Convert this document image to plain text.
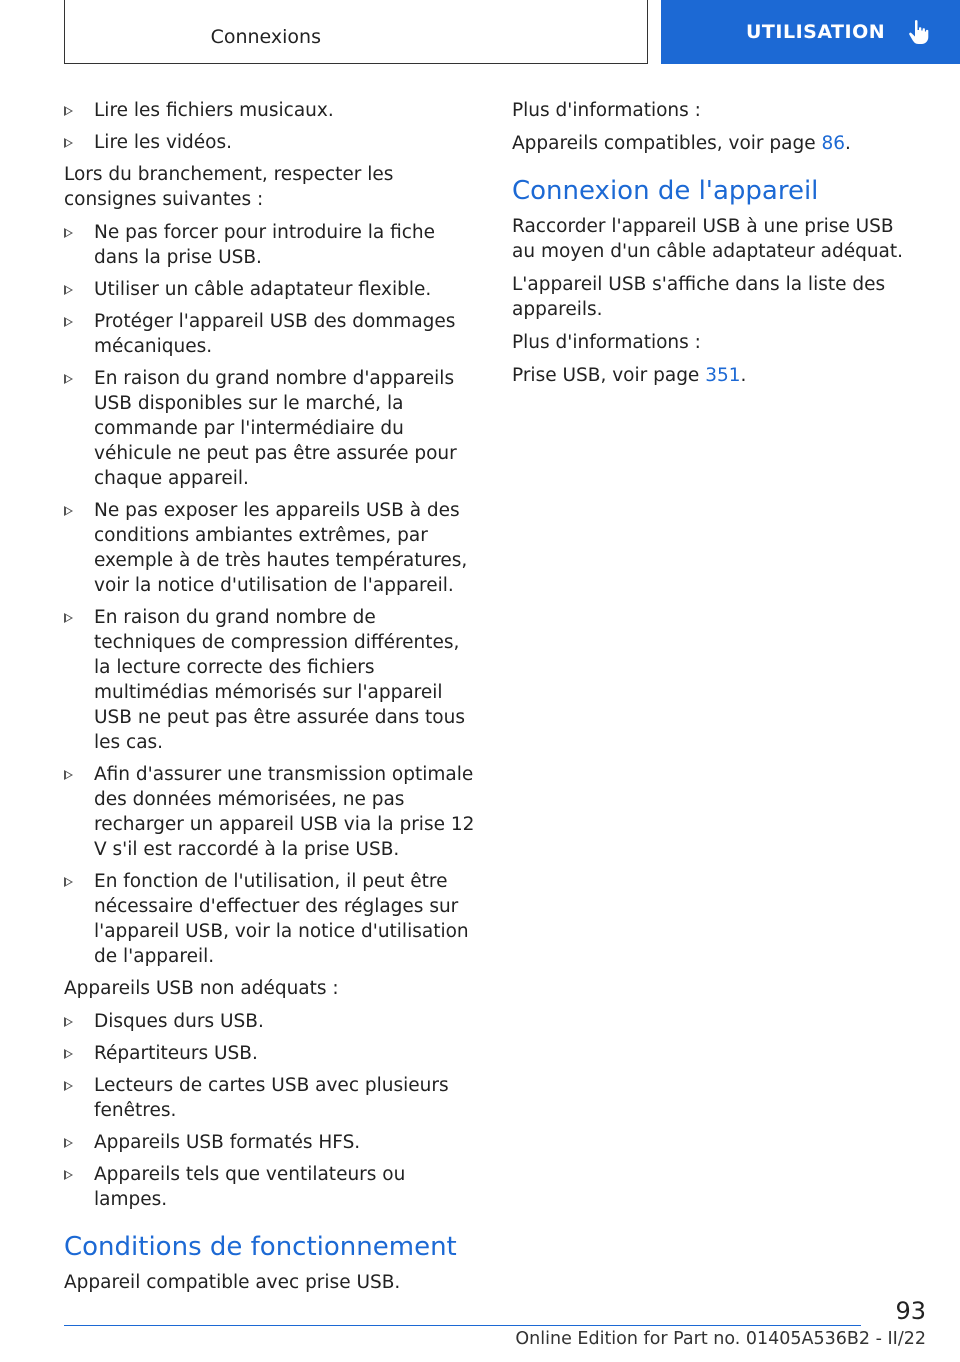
Connexions	UTILISATION
Lire les fichiers musicaux.
Lire les vidéos.

Lors du branchement, respecter les consignes suivantes :

Ne pas forcer pour introduire la fiche dans la prise USB.
Utiliser un câble adaptateur flexible.
Protéger l'appareil USB des dommages mécaniques.
En raison du grand nombre d'appareils USB disponibles sur le marché, la commande par l'intermédiaire du véhicule ne peut pas être assurée pour chaque appareil.
Ne pas exposer les appareils USB à des conditions ambiantes extrêmes, par exemple à de très hautes températures, voir la notice d'utilisation de l'appareil.
En raison du grand nombre de techniques de compression différentes, la lecture correcte des fichiers multimédias mémorisés sur l'appareil USB ne peut pas être assurée dans tous les cas.
Afin d'assurer une transmission optimale des données mémorisées, ne pas recharger un appareil USB via la prise 12 V s'il est raccordé à la prise USB.
En fonction de l'utilisation, il peut être nécessaire d'effectuer des réglages sur l'appareil USB, voir la notice d'utilisation de l'appareil.

Appareils USB non adéquats :

Disques durs USB.
Répartiteurs USB.
Lecteurs de cartes USB avec plusieurs fenêtres.
Appareils USB formatés HFS.
Appareils tels que ventilateurs ou lampes.
Conditions de fonctionnement

Appareil compatible avec prise USB.

Plus d'informations :

Appareils compatibles, voir page 86.

Connexion de l'appareil

Raccorder l'appareil USB à une prise USB au moyen d'un câble adaptateur adéquat.

L'appareil USB s'affiche dans la liste des appareils.

Plus d'informations :

Prise USB, voir page 351.

93
Online Edition for Part no. 01405A536B2 - II/22
